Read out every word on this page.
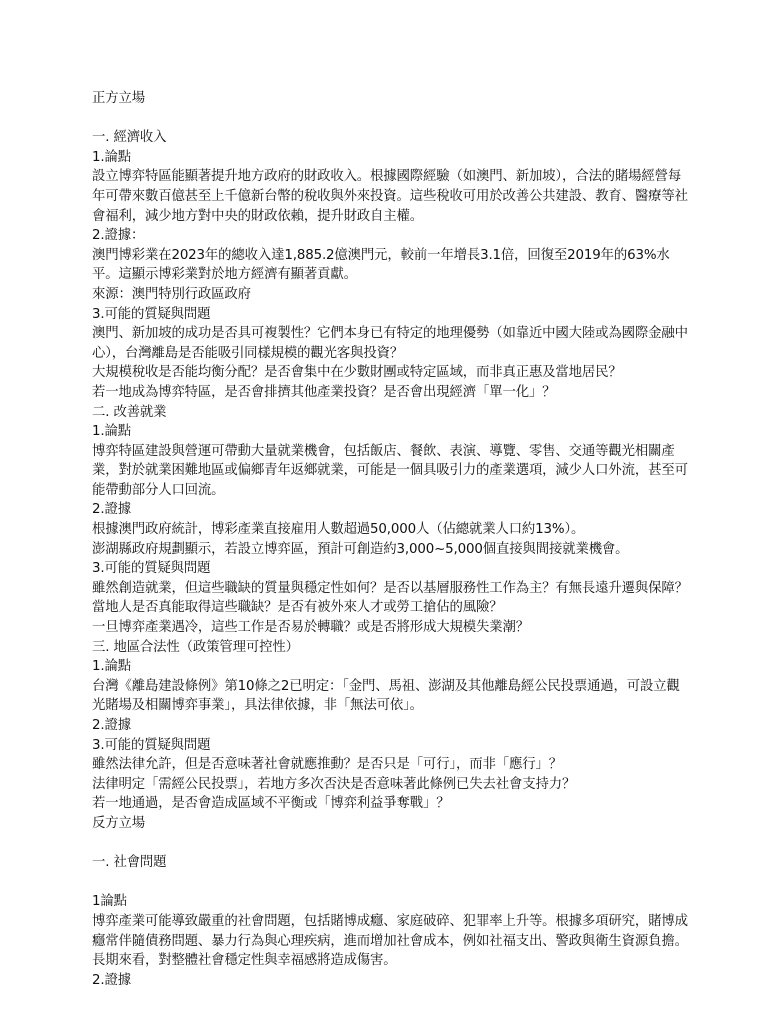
正方立場
一. 經濟收入
1.論點
設立博弈特區能顯著提升地方政府的財政收入。根據國際經驗（如澳門、新加坡），合法的賭場經營每年可帶來數百億甚至上千億新台幣的稅收與外來投資。這些稅收可用於改善公共建設、教育、醫療等社會福利，減少地方對中央的財政依賴，提升財政自主權。
2.證據：
澳門博彩業在2023年的總收入達1,885.2億澳門元，較前一年增長3.1倍，回復至2019年的63%水平。這顯示博彩業對於地方經濟有顯著貢獻。
來源：澳門特別行政區政府
3.可能的質疑與問題
澳門、新加坡的成功是否具可複製性？它們本身已有特定的地理優勢（如靠近中國大陸或為國際金融中心），台灣離島是否能吸引同樣規模的觀光客與投資？
大規模稅收是否能均衡分配？是否會集中在少數財團或特定區域，而非真正惠及當地居民？
若一地成為博弈特區，是否會排擠其他產業投資？是否會出現經濟「單一化」？
二. 改善就業
1.論點
博弈特區建設與營運可帶動大量就業機會，包括飯店、餐飲、表演、導覽、零售、交通等觀光相關產業，對於就業困難地區或偏鄉青年返鄉就業，可能是一個具吸引力的產業選項，減少人口外流，甚至可能帶動部分人口回流。
2.證據
根據澳門政府統計，博彩產業直接雇用人數超過50,000人（佔總就業人口約13%）。
澎湖縣政府規劃顯示，若設立博弈區，預計可創造約3,000~5,000個直接與間接就業機會。
3.可能的質疑與問題
雖然創造就業，但這些職缺的質量與穩定性如何？是否以基層服務性工作為主？有無長遠升遷與保障？
當地人是否真能取得這些職缺？是否有被外來人才或勞工搶佔的風險？
一旦博弈產業遇冷，這些工作是否易於轉職？或是否將形成大規模失業潮？
三. 地區合法性（政策管理可控性）
1.論點
台灣《離島建設條例》第10條之2已明定：「金門、馬祖、澎湖及其他離島經公民投票通過，可設立觀光賭場及相關博弈事業」，具法律依據，非「無法可依」。
2.證據
3.可能的質疑與問題
雖然法律允許，但是否意味著社會就應推動？是否只是「可行」，而非「應行」？
法律明定「需經公民投票」，若地方多次否決是否意味著此條例已失去社會支持力？
若一地通過，是否會造成區域不平衡或「博弈利益爭奪戰」？
反方立場
一. 社會問題
1論點
博弈產業可能導致嚴重的社會問題，包括賭博成癮、家庭破碎、犯罪率上升等。根據多項研究，賭博成癮常伴隨債務問題、暴力行為與心理疾病，進而增加社會成本，例如社福支出、警政與衛生資源負擔。長期來看，對整體社會穩定性與幸福感將造成傷害。
2.證據
